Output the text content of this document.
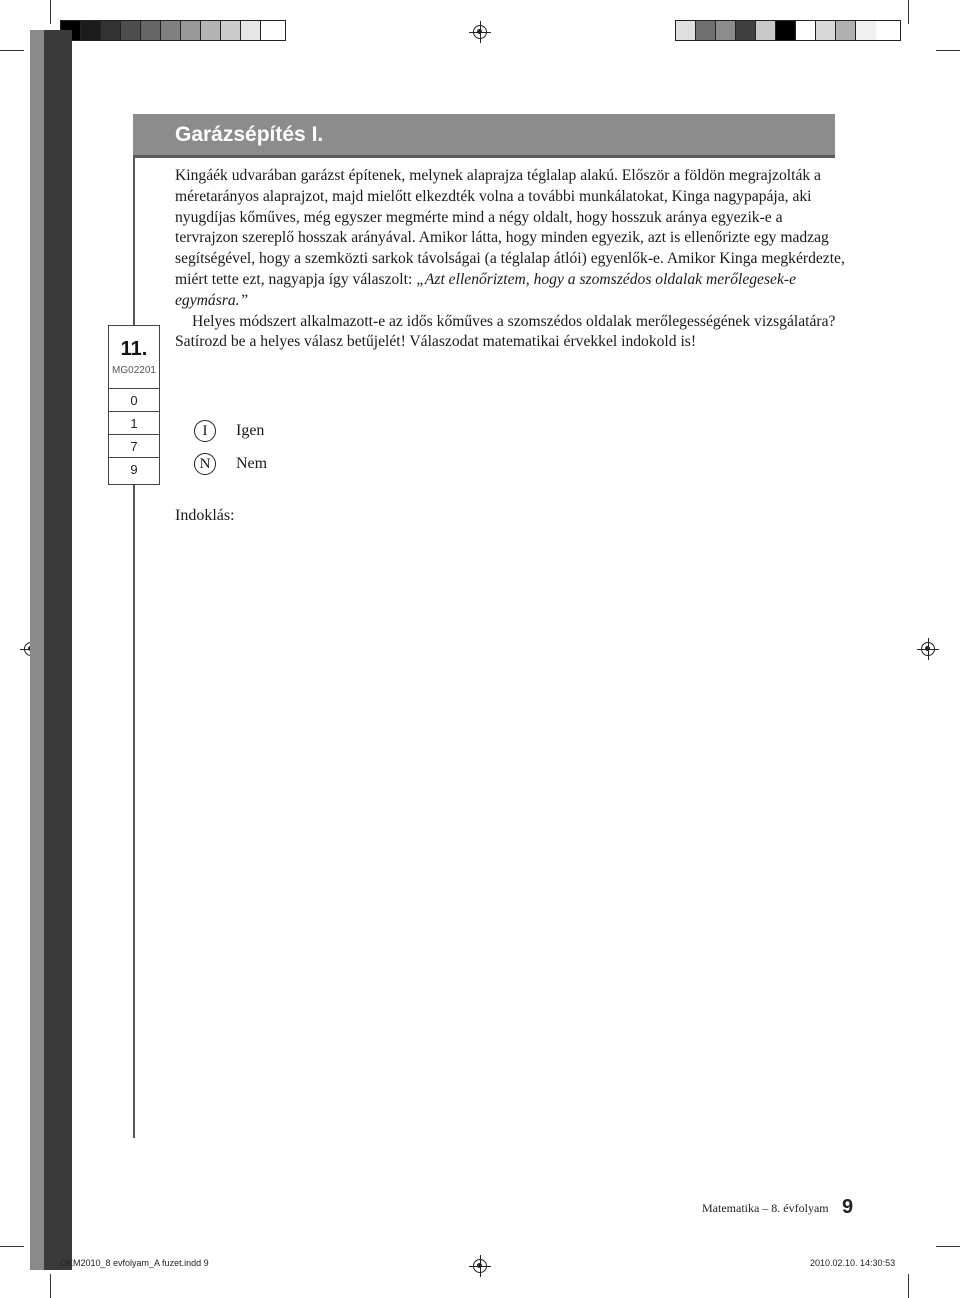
Garázsépítés I.
11.
MG02201
0
1
7
9

Kingáék udvarában garázst építenek, melynek alaprajza téglalap alakú. Először a földön megrajzolták a méretarányos alaprajzot, majd mielőtt elkezdték volna a további munkálatokat, Kinga nagypapája, aki nyugdíjas kőműves, még egyszer megmérte mind a négy oldalt, hogy hosszuk aránya egyezik-e a tervrajzon szereplő hosszak arányával. Amikor látta, hogy minden egyezik, azt is ellenőrizte egy madzag segítségével, hogy a szemközti sarkok távolságai (a téglalap átlói) egyenlők-e. Amikor Kinga megkérdezte, miért tette ezt, nagyapja így válaszolt: „Azt ellenőriztem, hogy a szomszédos oldalak merőlegesek-e egymásra.”

Helyes módszert alkalmazott-e az idős kőműves a szomszédos oldalak merőlegességének vizsgálatára? Satírozd be a helyes válasz betűjelét! Válaszodat matematikai érvekkel indokold is!

I	Igen
N	Nem
Indoklás:
Matematika – 8. évfolyam 9
OKM2010_8 evfolyam_A fuzet.indd 9	2010.02.10. 14:30:53
